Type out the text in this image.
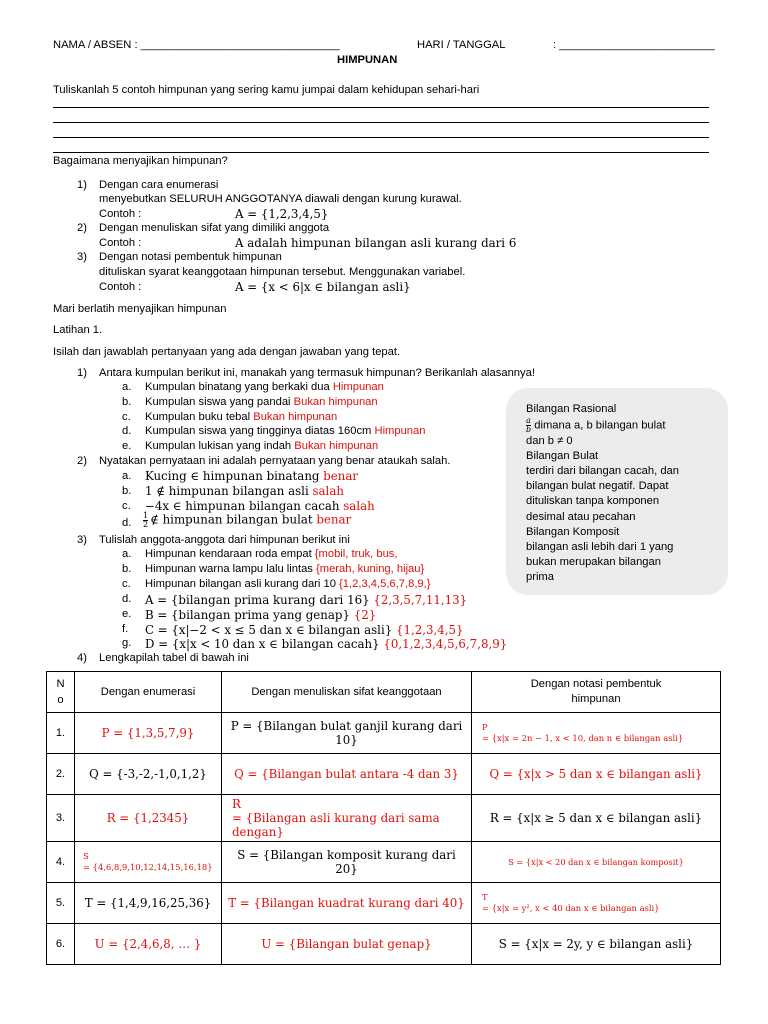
NAMA / ABSEN : ________________________________	HARI / TANGGAL	: _________________________
HIMPUNAN
Tuliskanlah 5 contoh himpunan yang sering kamu jumpai dalam kehidupan sehari-hari
Bagaimana menyajikan himpunan?
1) Dengan cara enumerasi
menyebutkan SELURUH ANGGOTANYA diawali dengan kurung kurawal.
Contoh :	A = {1,2,3,4,5}
2) Dengan menuliskan sifat yang dimiliki anggota
Contoh :	A adalah himpunan bilangan asli kurang dari 6
3) Dengan notasi pembentuk himpunan
dituliskan syarat keanggotaan himpunan tersebut. Menggunakan variabel.
Contoh :	A = {x < 6|x ∈ bilangan asli}
Mari berlatih menyajikan himpunan
Latihan 1.
Isilah dan jawablah pertanyaan yang ada dengan jawaban yang tepat.
1) Antara kumpulan berikut ini, manakah yang termasuk himpunan? Berikanlah alasannya!
a. Kumpulan binatang yang berkaki dua Himpunan
b. Kumpulan siswa yang pandai Bukan himpunan
c. Kumpulan buku tebal Bukan himpunan
d. Kumpulan siswa yang tingginya diatas 160cm Himpunan
e. Kumpulan lukisan yang indah Bukan himpunan
2) Nyatakan pernyataan ini adalah pernyataan yang benar ataukah salah.
a. Kucing ∈ himpunan binatang benar
b. 1 ∉ himpunan bilangan asli salah
c. −4x ∈ himpunan bilangan cacah salah
d. $\frac{1}{2}$ ∉ himpunan bilangan bulat benar
3) Tulislah anggota-anggota dari himpunan berikut ini
a. Himpunan kendaraan roda empat {mobil, truk, bus,
b. Himpunan warna lampu lalu lintas {merah, kuning, hijau}
c. Himpunan bilangan asli kurang dari 10 {1,2,3,4,5,6,7,8,9,}
d. A = {bilangan prima kurang dari 16} {2,3,5,7,11,13}
e. B = {bilangan prima yang genap} {2}
f. C = {x|−2 < x ≤ 5 dan x ∈ bilangan asli} {1,2,3,4,5}
g. D = {x|x < 10 dan x ∈ bilangan cacah} {0,1,2,3,4,5,6,7,8,9}
4) Lengkapilah tabel di bawah ini
Bilangan Rasional
$\frac{a}{b}$ dimana a, b bilangan bulat
dan b ≠ 0
Bilangan Bulat
terdiri dari bilangan cacah, dan
bilangan bulat negatif. Dapat
dituliskan tanpa komponen
desimal atau pecahan
Bilangan Komposit
bilangan asli lebih dari 1 yang
bukan merupakan bilangan
prima
N
o	Dengan enumerasi	Dengan menuliskan sifat keanggotaan	Dengan notasi pembentuk
himpunan

1.	P = {1,3,5,7,9}	P = {Bilangan bulat ganjil kurang dari 10}	P
= {x|x = 2n − 1, x < 10, dan n ∈ bilangan asli}

2.	Q = {-3,-2,-1,0,1,2}	Q = {Bilangan bulat antara -4 dan 3}	Q = {x|x > 5 dan x ∈ bilangan asli}
3.	R = {1,2345}	R
= {Bilangan asli kurang dari sama dengan}	R = {x|x ≥ 5 dan x ∈ bilangan asli}
4.	S
= {4,6,8,9,10,12,14,15,16,18}	S = {Bilangan komposit kurang dari 20}	S = {x|x < 20 dan x ∈ bilangan komposit}
5.	T = {1,4,9,16,25,36}	T = {Bilangan kuadrat kurang dari 40}	T
= {x|x = y², x < 40 dan x ∈ bilangan asli}

6.	U = {2,4,6,8, … }	U = {Bilangan bulat genap}	S = {x|x = 2y, y ∈ bilangan asli}
